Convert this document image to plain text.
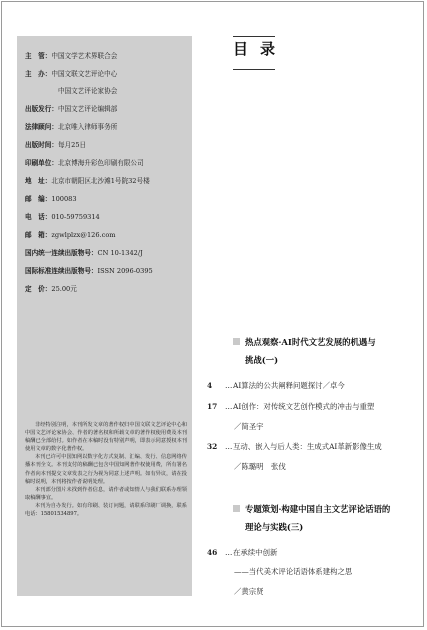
主　管：中国文学艺术界联合会
主　办：中国文联文艺评论中心
中国文艺评论家协会
出版发行：中国文艺评论编辑部
法律顾问：北京唯入律师事务所
出版时间：每月25日
印刷单位：北京博海升彩色印刷有限公司
地　址：北京市朝阳区北沙滩1号院32号楼
邮　编：100083
电　话：010-59759314
邮　箱：zgwlplzx@126.com
国内统一连续出版物号：CN 10-1342/J
国际标准连续出版物号：ISSN 2096-0395
定　价：25.00元

非经特别注明，本刊所发文章的著作权归中国文联文艺评论中心和中国文艺评论家协会、作者的著名权和所载文章的著作权使用费及本刊稿酬已全部给付。如作者在本稿时没有特别声明，即表示同意授权本刊使用文章的数字化著作权。

本刊已许可中国知网以数字化方式复制、汇编、发行、信息网络传播本刊全文。本刊支付的稿酬已包含中国知网著作权使用费，所有署名作者向本刊提交文章发表之行为视为同意上述声明。如有异议，请在投稿时说明，本刊将按作者说明处理。

本刊部分图片未找到作者信息，请作者或知情人与我们联系办理领取稿酬事宜。

本刊为自办发行。如有印刷、装订问题，请联系印刷厂调换，联系电话：15801534897。

目录
热点观察·AI时代文艺发展的机遇与
挑战(一)
4 …AI算法的公共阐释问题探讨／卓今
17 …AI创作：对传统文艺创作模式的冲击与重塑
／简圣宇
32 …互动、嵌入与后人类：生成式AI革新影像生成
／陈璐明　张伐
专题策划·构建中国自主文艺评论话语的
理论与实践(三)
46 …在承续中创新
——当代美术评论话语体系建构之思
／黄宗贤
